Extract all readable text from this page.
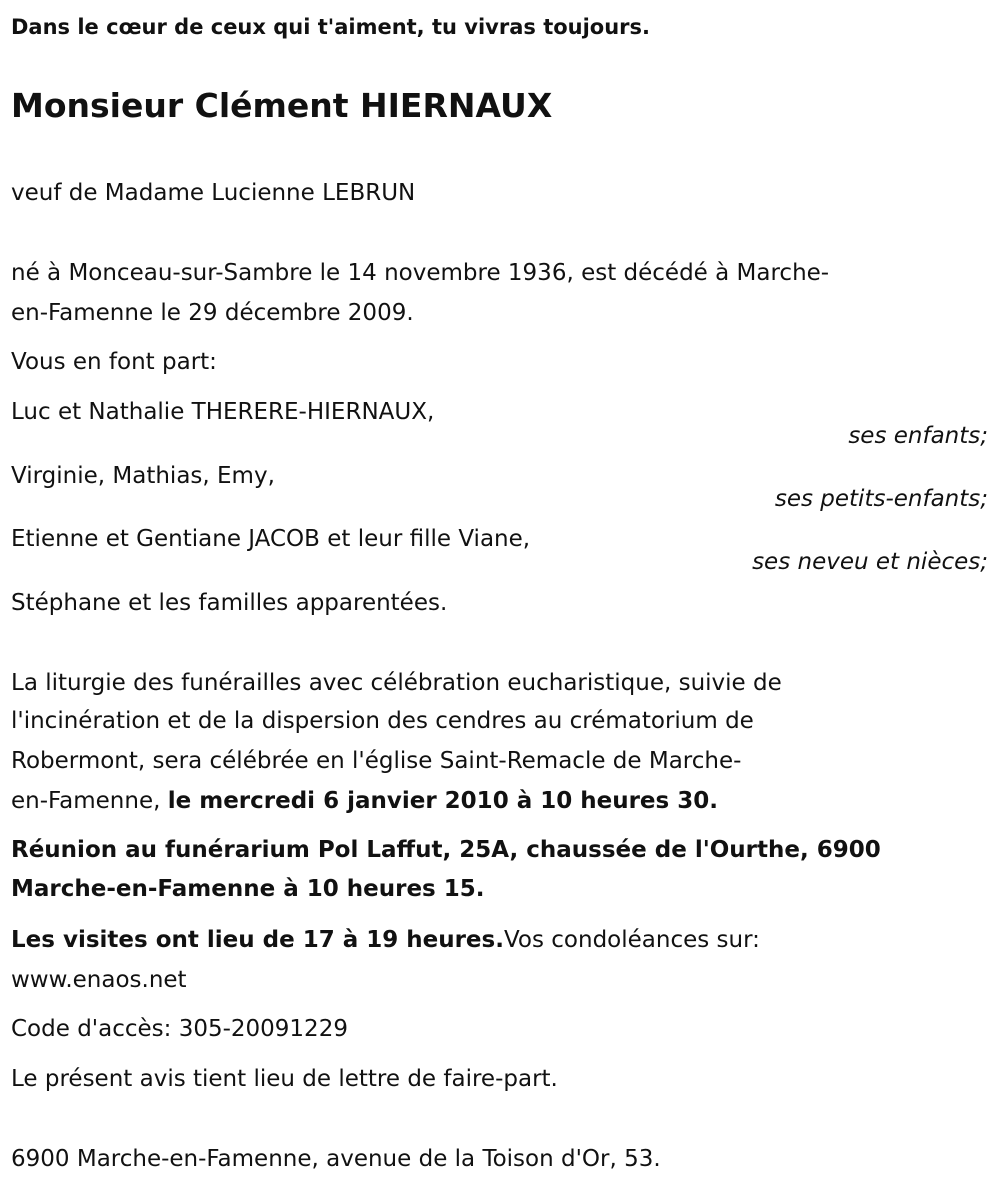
Dans le cœur de ceux qui t'aiment, tu vivras toujours.
Monsieur Clément HIERNAUX
veuf de Madame Lucienne LEBRUN
né à Monceau-sur-Sambre le 14 novembre 1936, est décédé à Marche-
en-Famenne le 29 décembre 2009.
Vous en font part:
Luc et Nathalie THERERE-HIERNAUX,
ses enfants;
Virginie, Mathias, Emy,
ses petits-enfants;
Etienne et Gentiane JACOB et leur fille Viane,
ses neveu et nièces;
Stéphane et les familles apparentées.
La liturgie des funérailles avec célébration eucharistique, suivie de
l'incinération et de la dispersion des cendres au crématorium de
Robermont, sera célébrée en l'église Saint-Remacle de Marche-
en-Famenne, le mercredi 6 janvier 2010 à 10 heures 30.
Réunion au funérarium Pol Laffut, 25A, chaussée de l'Ourthe, 6900
Marche-en-Famenne à 10 heures 15.
Les visites ont lieu de 17 à 19 heures.Vos condoléances sur:
www.enaos.net
Code d'accès: 305-20091229
Le présent avis tient lieu de lettre de faire-part.
6900 Marche-en-Famenne, avenue de la Toison d'Or, 53.
